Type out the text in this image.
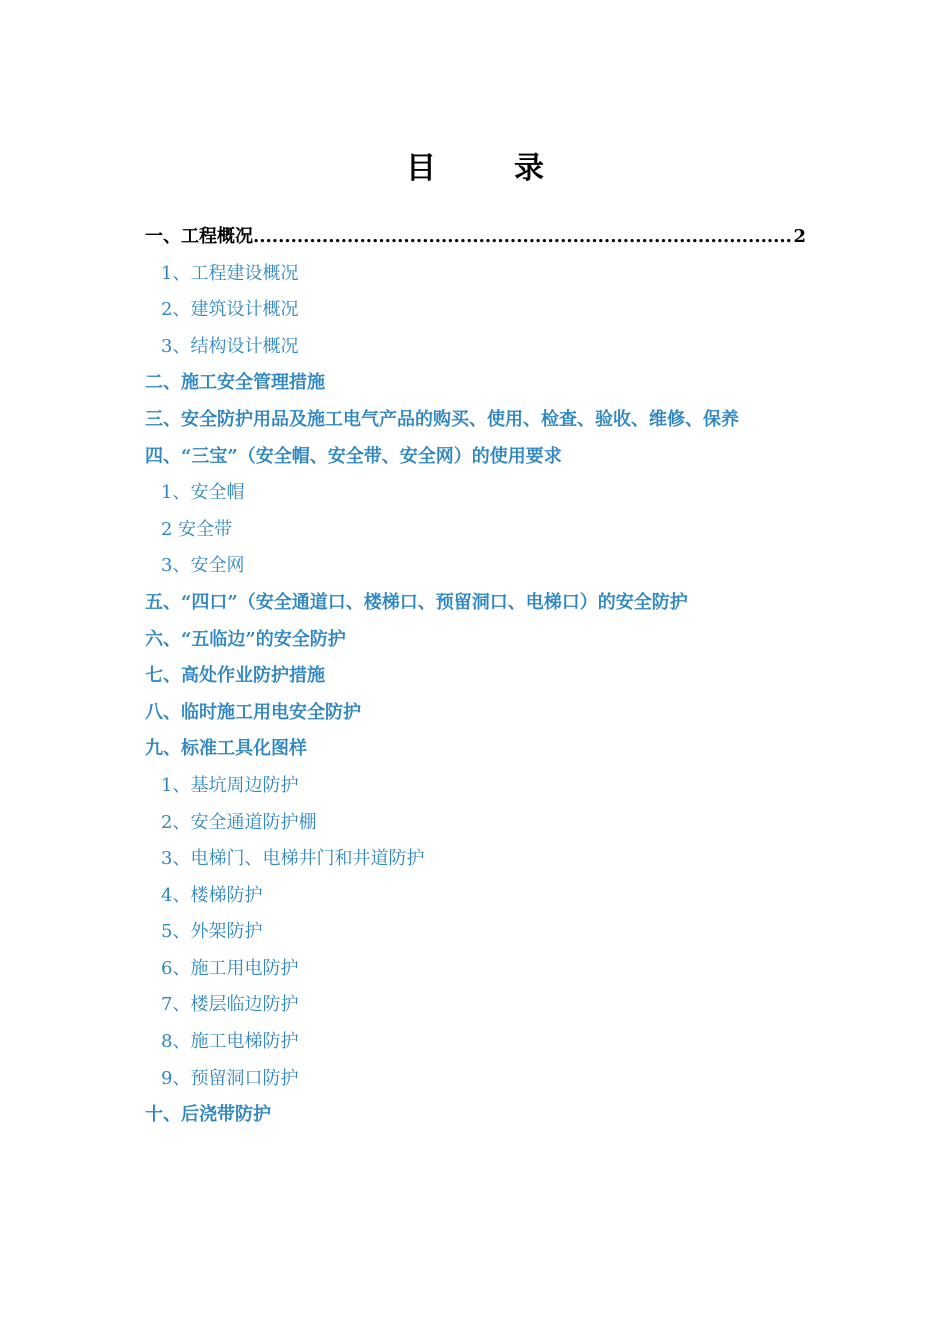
目　录
一、工程概况
.....	2
1、工程建设概况
2、建筑设计概况
3、结构设计概况
二、施工安全管理措施
三、安全防护用品及施工电气产品的购买、使用、检查、验收、维修、保养
四、“三宝”（安全帽、安全带、安全网）的使用要求
1、安全帽
2 安全带
3、安全网
五、“四口”（安全通道口、楼梯口、预留洞口、电梯口）的安全防护
六、“五临边”的安全防护
七、高处作业防护措施
八、临时施工用电安全防护
九、标准工具化图样
1、基坑周边防护
2、安全通道防护棚
3、电梯门、电梯井门和井道防护
4、楼梯防护
5、外架防护
6、施工用电防护
7、楼层临边防护
8、施工电梯防护
9、预留洞口防护
十、后浇带防护
